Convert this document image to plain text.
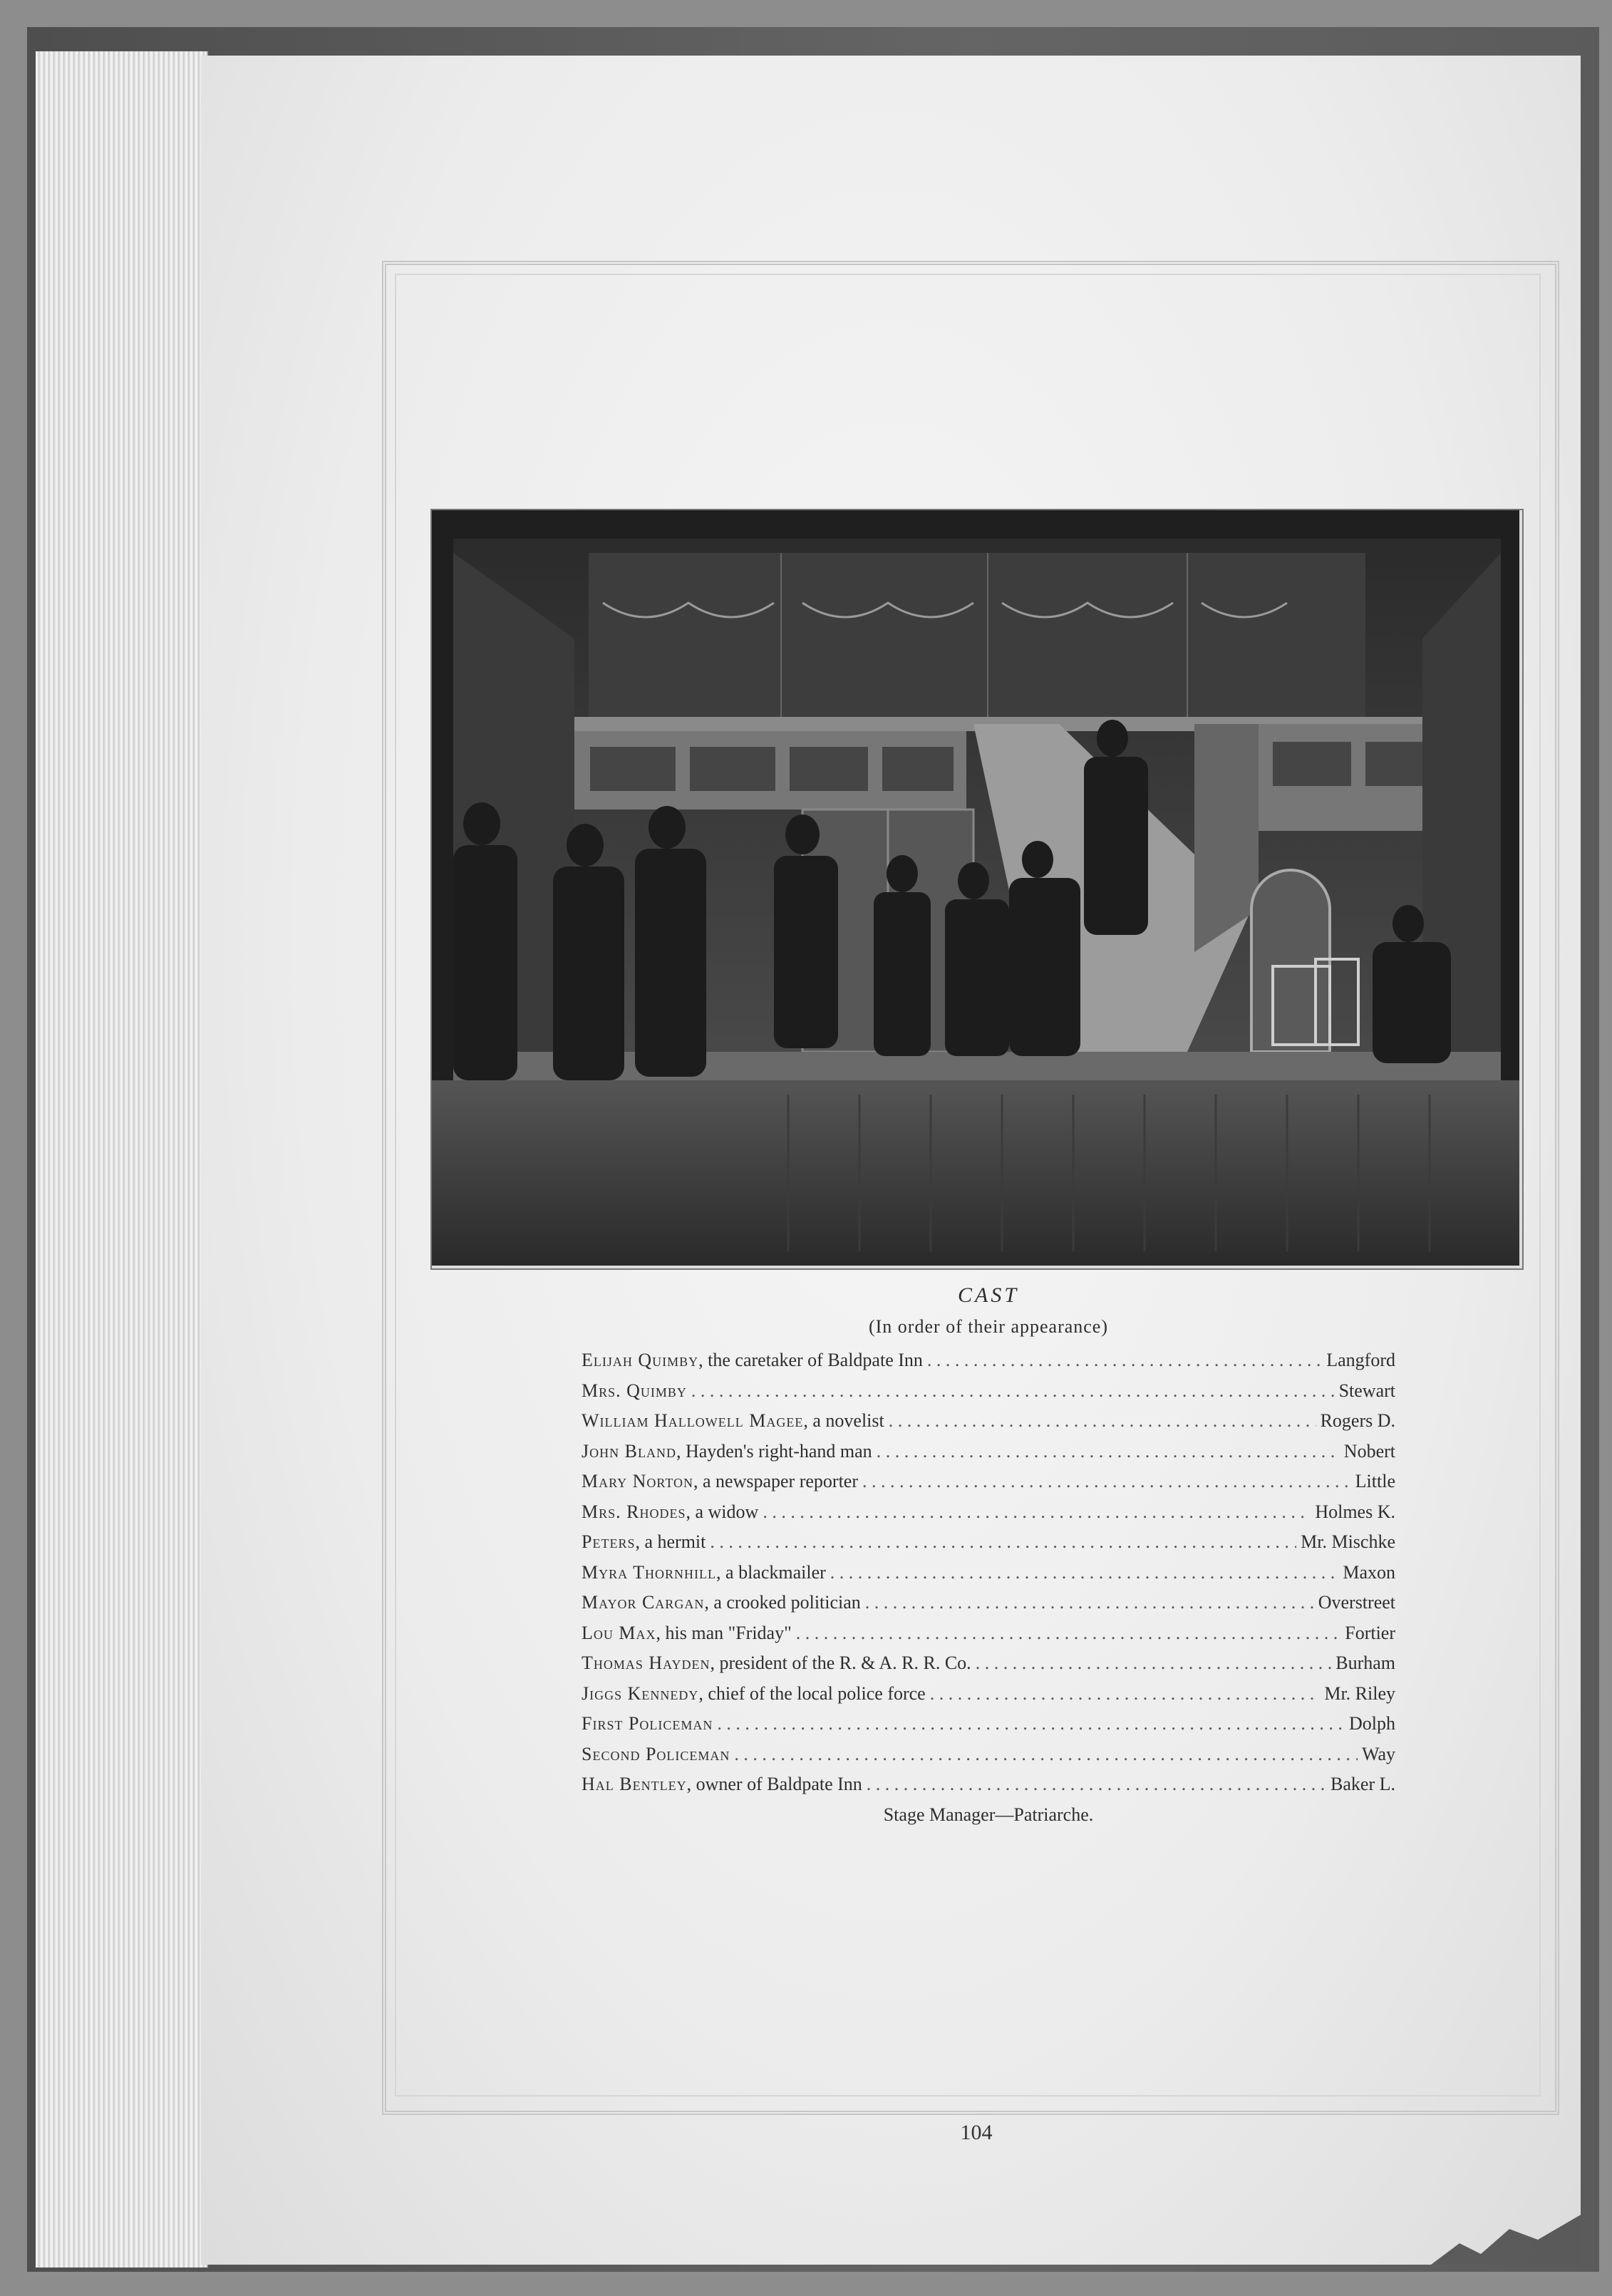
CAST

(In order of their appearance)

Elijah Quimby, the caretaker of Baldpate Inn . . .	Langford
Mrs. Quimby . . .	Stewart
William Hallowell Magee, a novelist . . .	Rogers D.
John Bland, Hayden's right-hand man . . .	Nobert
Mary Norton, a newspaper reporter . . .	Little
Mrs. Rhodes, a widow . . .	Holmes K.
Peters, a hermit . . .	Mr. Mischke
Myra Thornhill, a blackmailer . . .	Maxon
Mayor Cargan, a crooked politician . . .	Overstreet
Lou Max, his man "Friday" . . .	Fortier
Thomas Hayden, president of the R. & A. R. R. Co. . . .	Burham
Jiggs Kennedy, chief of the local police force . . .	Mr. Riley
First Policeman . . .	Dolph
Second Policeman . . .	Way
Hal Bentley, owner of Baldpate Inn . . .	Baker L.

Stage Manager—Patriarche.

104
